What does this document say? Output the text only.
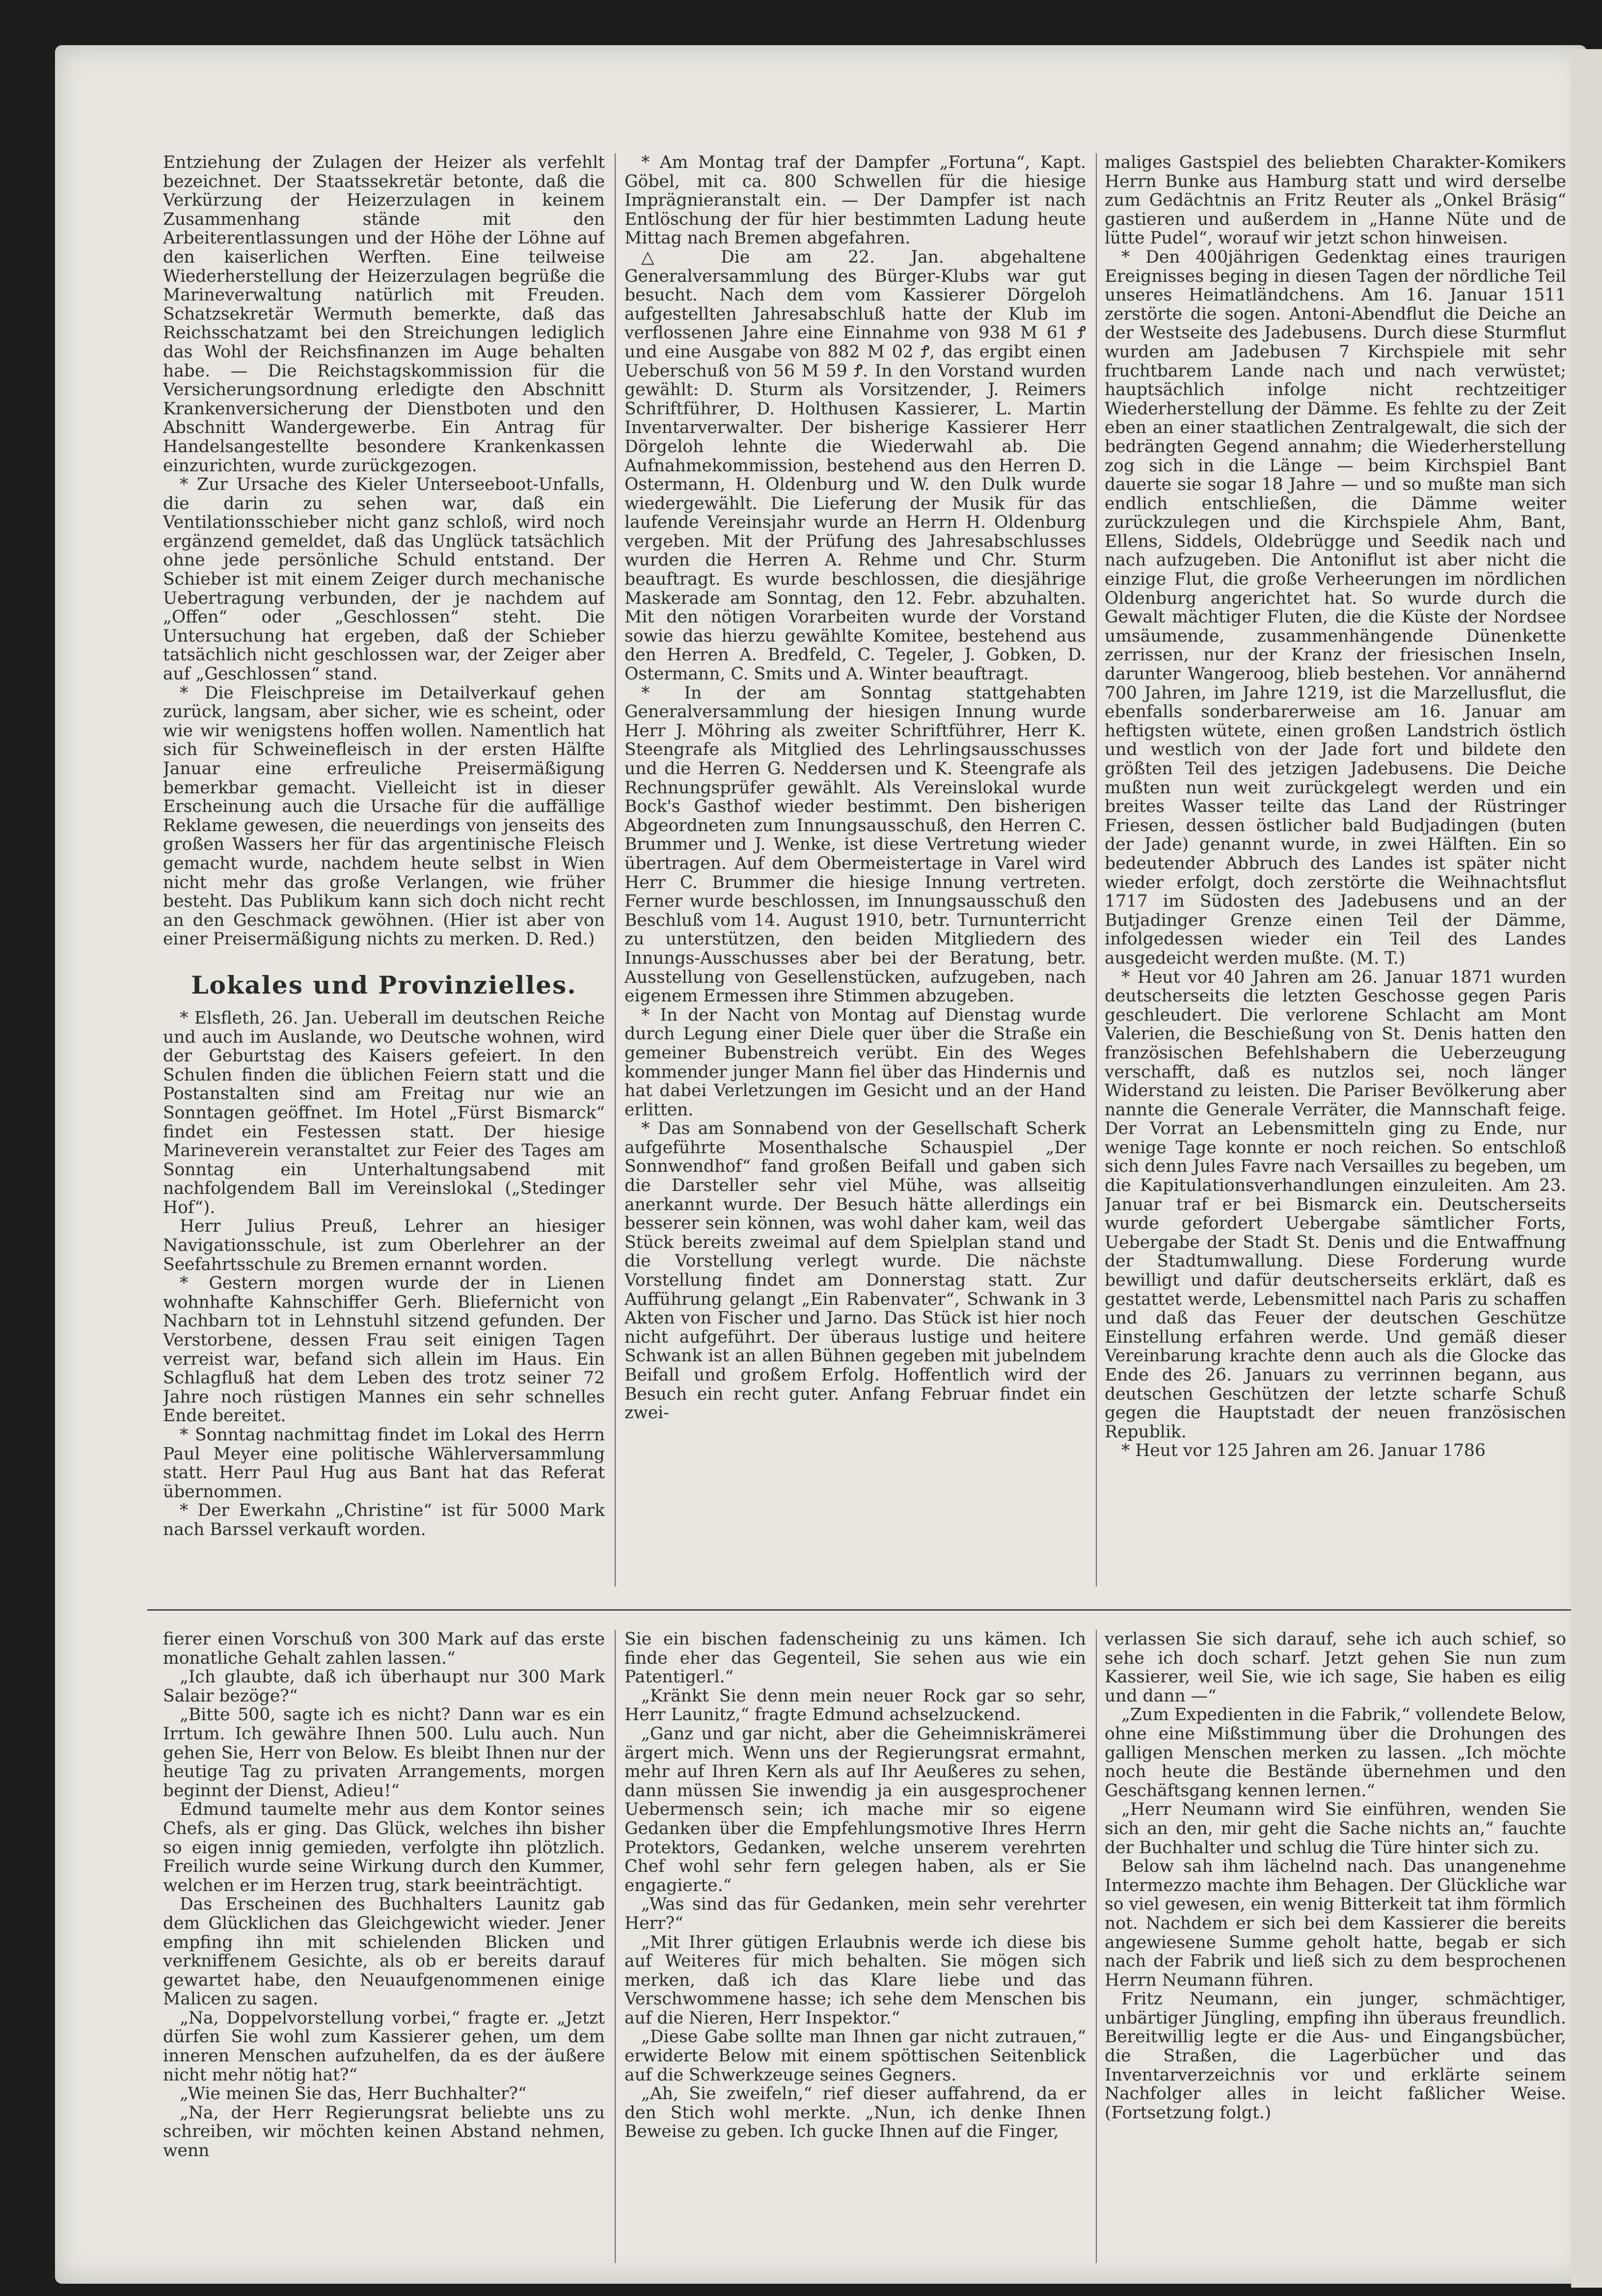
Entziehung der Zulagen der Heizer als verfehlt bezeichnet. Der Staatssekretär betonte, daß die Verkürzung der Heizerzulagen in keinem Zusammenhang stände mit den Arbeiterentlassungen und der Höhe der Löhne auf den kaiserlichen Werften. Eine teilweise Wiederherstellung der Heizerzulagen begrüße die Marineverwaltung natürlich mit Freuden. Schatzsekretär Wermuth bemerkte, daß das Reichsschatzamt bei den Streichungen lediglich das Wohl der Reichsfinanzen im Auge behalten habe. — Die Reichstagskommission für die Versicherungsordnung erledigte den Abschnitt Krankenversicherung der Dienstboten und den Abschnitt Wandergewerbe. Ein Antrag für Handelsangestellte besondere Krankenkassen einzurichten, wurde zurückgezogen.

* Zur Ursache des Kieler Unterseeboot-Unfalls, die darin zu sehen war, daß ein Ventilationsschieber nicht ganz schloß, wird noch ergänzend gemeldet, daß das Unglück tatsächlich ohne jede persönliche Schuld entstand. Der Schieber ist mit einem Zeiger durch mechanische Uebertragung verbunden, der je nachdem auf „Offen“ oder „Geschlossen“ steht. Die Untersuchung hat ergeben, daß der Schieber tatsächlich nicht geschlossen war, der Zeiger aber auf „Geschlossen“ stand.

* Die Fleischpreise im Detailverkauf gehen zurück, langsam, aber sicher, wie es scheint, oder wie wir wenigstens hoffen wollen. Namentlich hat sich für Schweinefleisch in der ersten Hälfte Januar eine erfreuliche Preisermäßigung bemerkbar gemacht. Vielleicht ist in dieser Erscheinung auch die Ursache für die auffällige Reklame gewesen, die neuerdings von jenseits des großen Wassers her für das argentinische Fleisch gemacht wurde, nachdem heute selbst in Wien nicht mehr das große Verlangen, wie früher besteht. Das Publikum kann sich doch nicht recht an den Geschmack gewöhnen. (Hier ist aber von einer Preisermäßigung nichts zu merken. D. Red.)

Lokales und Provinzielles.

* Elsfleth, 26. Jan. Ueberall im deutschen Reiche und auch im Auslande, wo Deutsche wohnen, wird der Geburtstag des Kaisers gefeiert. In den Schulen finden die üblichen Feiern statt und die Postanstalten sind am Freitag nur wie an Sonntagen geöffnet. Im Hotel „Fürst Bismarck“ findet ein Festessen statt. Der hiesige Marineverein veranstaltet zur Feier des Tages am Sonntag ein Unterhaltungsabend mit nachfolgendem Ball im Vereinslokal („Stedinger Hof“).

Herr Julius Preuß, Lehrer an hiesiger Navigationsschule, ist zum Oberlehrer an der Seefahrtsschule zu Bremen ernannt worden.

* Gestern morgen wurde der in Lienen wohnhafte Kahnschiffer Gerh. Bliefernicht von Nachbarn tot in Lehnstuhl sitzend gefunden. Der Verstorbene, dessen Frau seit einigen Tagen verreist war, befand sich allein im Haus. Ein Schlagfluß hat dem Leben des trotz seiner 72 Jahre noch rüstigen Mannes ein sehr schnelles Ende bereitet.

* Sonntag nachmittag findet im Lokal des Herrn Paul Meyer eine politische Wählerversammlung statt. Herr Paul Hug aus Bant hat das Referat übernommen.

* Der Ewerkahn „Christine“ ist für 5000 Mark nach Barssel verkauft worden.

* Am Montag traf der Dampfer „Fortuna“, Kapt. Göbel, mit ca. 800 Schwellen für die hiesige Imprägnieranstalt ein. — Der Dampfer ist nach Entlöschung der für hier bestimmten Ladung heute Mittag nach Bremen abgefahren.

△ Die am 22. Jan. abgehaltene Generalversammlung des Bürger-Klubs war gut besucht. Nach dem vom Kassierer Dörgeloh aufgestellten Jahresabschluß hatte der Klub im verflossenen Jahre eine Einnahme von 938 M 61 Ꝭ und eine Ausgabe von 882 M 02 Ꝭ, das ergibt einen Ueberschuß von 56 M 59 Ꝭ. In den Vorstand wurden gewählt: D. Sturm als Vorsitzender, J. Reimers Schriftführer, D. Holthusen Kassierer, L. Martin Inventarverwalter. Der bisherige Kassierer Herr Dörgeloh lehnte die Wiederwahl ab. Die Aufnahmekommission, bestehend aus den Herren D. Ostermann, H. Oldenburg und W. den Dulk wurde wiedergewählt. Die Lieferung der Musik für das laufende Vereinsjahr wurde an Herrn H. Oldenburg vergeben. Mit der Prüfung des Jahresabschlusses wurden die Herren A. Rehme und Chr. Sturm beauftragt. Es wurde beschlossen, die diesjährige Maskerade am Sonntag, den 12. Febr. abzuhalten. Mit den nötigen Vorarbeiten wurde der Vorstand sowie das hierzu gewählte Komitee, bestehend aus den Herren A. Bredfeld, C. Tegeler, J. Gobken, D. Ostermann, C. Smits und A. Winter beauftragt.

* In der am Sonntag stattgehabten Generalversammlung der hiesigen Innung wurde Herr J. Möhring als zweiter Schriftführer, Herr K. Steengrafe als Mitglied des Lehrlingsausschusses und die Herren G. Neddersen und K. Steengrafe als Rechnungsprüfer gewählt. Als Vereinslokal wurde Bock's Gasthof wieder bestimmt. Den bisherigen Abgeordneten zum Innungsausschuß, den Herren C. Brummer und J. Wenke, ist diese Vertretung wieder übertragen. Auf dem Obermeistertage in Varel wird Herr C. Brummer die hiesige Innung vertreten. Ferner wurde beschlossen, im Innungsausschuß den Beschluß vom 14. August 1910, betr. Turnunterricht zu unterstützen, den beiden Mitgliedern des Innungs-Ausschusses aber bei der Beratung, betr. Ausstellung von Gesellenstücken, aufzugeben, nach eigenem Ermessen ihre Stimmen abzugeben.

* In der Nacht von Montag auf Dienstag wurde durch Legung einer Diele quer über die Straße ein gemeiner Bubenstreich verübt. Ein des Weges kommender junger Mann fiel über das Hindernis und hat dabei Verletzungen im Gesicht und an der Hand erlitten.

* Das am Sonnabend von der Gesellschaft Scherk aufgeführte Mosenthalsche Schauspiel „Der Sonnwendhof“ fand großen Beifall und gaben sich die Darsteller sehr viel Mühe, was allseitig anerkannt wurde. Der Besuch hätte allerdings ein besserer sein können, was wohl daher kam, weil das Stück bereits zweimal auf dem Spielplan stand und die Vorstellung verlegt wurde. Die nächste Vorstellung findet am Donnerstag statt. Zur Aufführung gelangt „Ein Rabenvater“, Schwank in 3 Akten von Fischer und Jarno. Das Stück ist hier noch nicht aufgeführt. Der überaus lustige und heitere Schwank ist an allen Bühnen gegeben mit jubelndem Beifall und großem Erfolg. Hoffentlich wird der Besuch ein recht guter. Anfang Februar findet ein zwei-

maliges Gastspiel des beliebten Charakter-Komikers Herrn Bunke aus Hamburg statt und wird derselbe zum Gedächtnis an Fritz Reuter als „Onkel Bräsig“ gastieren und außerdem in „Hanne Nüte und de lütte Pudel“, worauf wir jetzt schon hinweisen.

* Den 400jährigen Gedenktag eines traurigen Ereignisses beging in diesen Tagen der nördliche Teil unseres Heimatländchens. Am 16. Januar 1511 zerstörte die sogen. Antoni-Abendflut die Deiche an der Westseite des Jadebusens. Durch diese Sturmflut wurden am Jadebusen 7 Kirchspiele mit sehr fruchtbarem Lande nach und nach verwüstet; hauptsächlich infolge nicht rechtzeitiger Wiederherstellung der Dämme. Es fehlte zu der Zeit eben an einer staatlichen Zentralgewalt, die sich der bedrängten Gegend annahm; die Wiederherstellung zog sich in die Länge — beim Kirchspiel Bant dauerte sie sogar 18 Jahre — und so mußte man sich endlich entschließen, die Dämme weiter zurückzulegen und die Kirchspiele Ahm, Bant, Ellens, Siddels, Oldebrügge und Seedik nach und nach aufzugeben. Die Antoniflut ist aber nicht die einzige Flut, die große Verheerungen im nördlichen Oldenburg angerichtet hat. So wurde durch die Gewalt mächtiger Fluten, die die Küste der Nordsee umsäumende, zusammenhängende Dünenkette zerrissen, nur der Kranz der friesischen Inseln, darunter Wangeroog, blieb bestehen. Vor annähernd 700 Jahren, im Jahre 1219, ist die Marzellusflut, die ebenfalls sonderbarerweise am 16. Januar am heftigsten wütete, einen großen Landstrich östlich und westlich von der Jade fort und bildete den größten Teil des jetzigen Jadebusens. Die Deiche mußten nun weit zurückgelegt werden und ein breites Wasser teilte das Land der Rüstringer Friesen, dessen östlicher bald Budjadingen (buten der Jade) genannt wurde, in zwei Hälften. Ein so bedeutender Abbruch des Landes ist später nicht wieder erfolgt, doch zerstörte die Weihnachtsflut 1717 im Südosten des Jadebusens und an der Butjadinger Grenze einen Teil der Dämme, infolgedessen wieder ein Teil des Landes ausgedeicht werden mußte. (M. T.)

* Heut vor 40 Jahren am 26. Januar 1871 wurden deutscherseits die letzten Geschosse gegen Paris geschleudert. Die verlorene Schlacht am Mont Valerien, die Beschießung von St. Denis hatten den französischen Befehlshabern die Ueberzeugung verschafft, daß es nutzlos sei, noch länger Widerstand zu leisten. Die Pariser Bevölkerung aber nannte die Generale Verräter, die Mannschaft feige. Der Vorrat an Lebensmitteln ging zu Ende, nur wenige Tage konnte er noch reichen. So entschloß sich denn Jules Favre nach Versailles zu begeben, um die Kapitulationsverhandlungen einzuleiten. Am 23. Januar traf er bei Bismarck ein. Deutscherseits wurde gefordert Uebergabe sämtlicher Forts, Uebergabe der Stadt St. Denis und die Entwaffnung der Stadtumwallung. Diese Forderung wurde bewilligt und dafür deutscherseits erklärt, daß es gestattet werde, Lebensmittel nach Paris zu schaffen und daß das Feuer der deutschen Geschütze Einstellung erfahren werde. Und gemäß dieser Vereinbarung krachte denn auch als die Glocke das Ende des 26. Januars zu verrinnen begann, aus deutschen Geschützen der letzte scharfe Schuß gegen die Hauptstadt der neuen französischen Republik.

* Heut vor 125 Jahren am 26. Januar 1786

fierer einen Vorschuß von 300 Mark auf das erste monatliche Gehalt zahlen lassen.“

„Ich glaubte, daß ich überhaupt nur 300 Mark Salair bezöge?“

„Bitte 500, sagte ich es nicht? Dann war es ein Irrtum. Ich gewähre Ihnen 500. Lulu auch. Nun gehen Sie, Herr von Below. Es bleibt Ihnen nur der heutige Tag zu privaten Arrangements, morgen beginnt der Dienst, Adieu!“

Edmund taumelte mehr aus dem Kontor seines Chefs, als er ging. Das Glück, welches ihn bisher so eigen innig gemieden, verfolgte ihn plötzlich. Freilich wurde seine Wirkung durch den Kummer, welchen er im Herzen trug, stark beeinträchtigt.

Das Erscheinen des Buchhalters Launitz gab dem Glücklichen das Gleichgewicht wieder. Jener empfing ihn mit schielenden Blicken und verkniffenem Gesichte, als ob er bereits darauf gewartet habe, den Neuaufgenommenen einige Malicen zu sagen.

„Na, Doppelvorstellung vorbei,“ fragte er. „Jetzt dürfen Sie wohl zum Kassierer gehen, um dem inneren Menschen aufzuhelfen, da es der äußere nicht mehr nötig hat?“

„Wie meinen Sie das, Herr Buchhalter?“

„Na, der Herr Regierungsrat beliebte uns zu schreiben, wir möchten keinen Abstand nehmen, wenn

Sie ein bischen fadenscheinig zu uns kämen. Ich finde eher das Gegenteil, Sie sehen aus wie ein Patentigerl.“

„Kränkt Sie denn mein neuer Rock gar so sehr, Herr Launitz,“ fragte Edmund achselzuckend.

„Ganz und gar nicht, aber die Geheimniskrämerei ärgert mich. Wenn uns der Regierungsrat ermahnt, mehr auf Ihren Kern als auf Ihr Aeußeres zu sehen, dann müssen Sie inwendig ja ein ausgesprochener Uebermensch sein; ich mache mir so eigene Gedanken über die Empfehlungsmotive Ihres Herrn Protektors, Gedanken, welche unserem verehrten Chef wohl sehr fern gelegen haben, als er Sie engagierte.“

„Was sind das für Gedanken, mein sehr verehrter Herr?“

„Mit Ihrer gütigen Erlaubnis werde ich diese bis auf Weiteres für mich behalten. Sie mögen sich merken, daß ich das Klare liebe und das Verschwommene hasse; ich sehe dem Menschen bis auf die Nieren, Herr Inspektor.“

„Diese Gabe sollte man Ihnen gar nicht zutrauen,“ erwiderte Below mit einem spöttischen Seitenblick auf die Schwerkzeuge seines Gegners.

„Ah, Sie zweifeln,“ rief dieser auffahrend, da er den Stich wohl merkte. „Nun, ich denke Ihnen Beweise zu geben. Ich gucke Ihnen auf die Finger,

verlassen Sie sich darauf, sehe ich auch schief, so sehe ich doch scharf. Jetzt gehen Sie nun zum Kassierer, weil Sie, wie ich sage, Sie haben es eilig und dann —“

„Zum Expedienten in die Fabrik,“ vollendete Below, ohne eine Mißstimmung über die Drohungen des galligen Menschen merken zu lassen. „Ich möchte noch heute die Bestände übernehmen und den Geschäftsgang kennen lernen.“

„Herr Neumann wird Sie einführen, wenden Sie sich an den, mir geht die Sache nichts an,“ fauchte der Buchhalter und schlug die Türe hinter sich zu.

Below sah ihm lächelnd nach. Das unangenehme Intermezzo machte ihm Behagen. Der Glückliche war so viel gewesen, ein wenig Bitterkeit tat ihm förmlich not. Nachdem er sich bei dem Kassierer die bereits angewiesene Summe geholt hatte, begab er sich nach der Fabrik und ließ sich zu dem besprochenen Herrn Neumann führen.

Fritz Neumann, ein junger, schmächtiger, unbärtiger Jüngling, empfing ihn überaus freundlich. Bereitwillig legte er die Aus- und Eingangsbücher, die Straßen, die Lagerbücher und das Inventarverzeichnis vor und erklärte seinem Nachfolger alles in leicht faßlicher Weise. (Fortsetzung folgt.)
